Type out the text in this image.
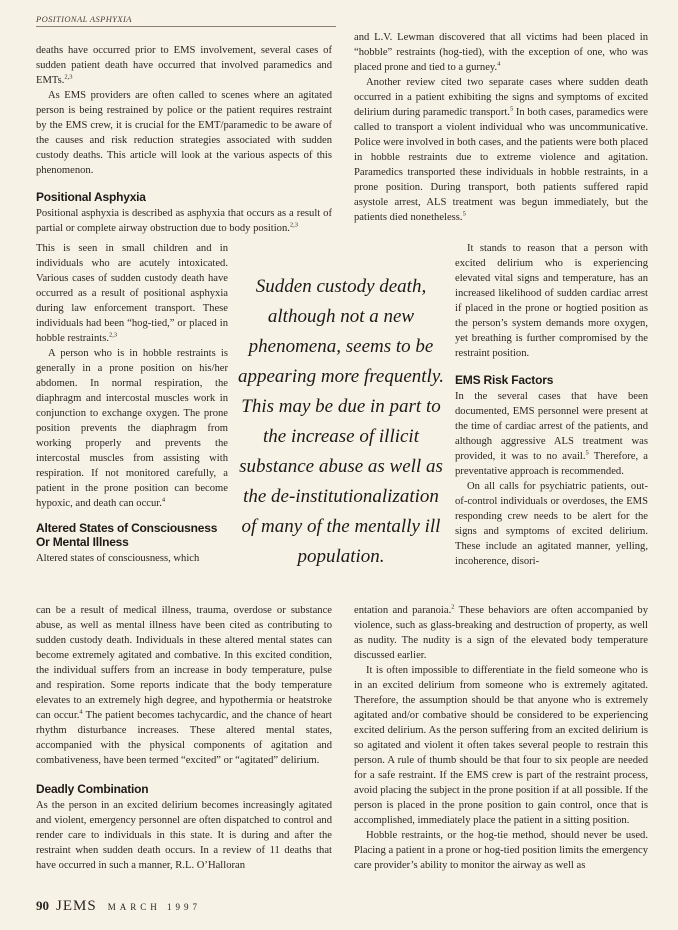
POSITIONAL ASPHYXIA

deaths have occurred prior to EMS involvement, several cases of sudden patient death have occurred that involved paramedics and EMTs.$^{2,3}$

As EMS providers are often called to scenes where an agitated person is being restrained by police or the patient requires restraint by the EMS crew, it is crucial for the EMT/paramedic to be aware of the causes and risk reduction strategies associated with sudden custody deaths. This article will look at the various aspects of this phenomenon.

Positional Asphyxia

Positional asphyxia is described as asphyxia that occurs as a result of partial or complete airway obstruction due to body position.$^{2,3}$

This is seen in small children and in individuals who are acutely intoxicated. Various cases of sudden custody death have occurred as a result of positional asphyxia during law enforcement transport. These individuals had been “hog-tied,” or placed in hobble restraints.$^{2,3}$

A person who is in hobble restraints is generally in a prone position on his/her abdomen. In normal respiration, the diaphragm and intercostal muscles work in conjunction to exchange oxygen. The prone position prevents the diaphragm from working properly and prevents the intercostal muscles from assisting with respiration. If not monitored carefully, a patient in the prone position can become hypoxic, and death can occur.$^4$

Altered States of Consciousness
Or Mental Illness

Altered states of consciousness, which

Sudden custody death, although not a new phenomena, seems to be appearing more frequently. This may be due in part to the increase of illicit substance abuse as well as the de-institutionalization of many of the mentally ill population.

can be a result of medical illness, trauma, overdose or substance abuse, as well as mental illness have been cited as contributing to sudden custody death. Individuals in these altered mental states can become extremely agitated and combative. In this excited condition, the individual suffers from an increase in body temperature, pulse and respiration. Some reports indicate that the body temperature elevates to an extremely high degree, and hypothermia or heatstroke can occur.$^4$ The patient becomes tachycardic, and the chance of heart rhythm disturbance increases. These altered mental states, accompanied with the physical components of agitation and combativeness, have been termed “excited” or “agitated” delirium.

Deadly Combination

As the person in an excited delirium becomes increasingly agitated and violent, emergency personnel are often dispatched to control and render care to individuals in this state. It is during and after the restraint when sudden death occurs. In a review of 11 deaths that have occurred in such a manner, R.L. O’Halloran

and L.V. Lewman discovered that all victims had been placed in “hobble” restraints (hog-tied), with the exception of one, who was placed prone and tied to a gurney.$^4$

Another review cited two separate cases where sudden death occurred in a patient exhibiting the signs and symptoms of excited delirium during paramedic transport.$^5$ In both cases, paramedics were called to transport a violent individual who was uncommunicative. Police were involved in both cases, and the patients were both placed in hobble restraints due to extreme violence and agitation. Paramedics transported these individuals in hobble restraints, in a prone position. During transport, both patients suffered rapid asystole arrest, ALS treatment was begun immediately, but the patients died nonetheless.$^5$

It stands to reason that a person with excited delirium who is experiencing elevated vital signs and temperature, has an increased likelihood of sudden cardiac arrest if placed in the prone or hogtied position as the person’s system demands more oxygen, yet breathing is further compromised by the restraint position.

EMS Risk Factors

In the several cases that have been documented, EMS personnel were present at the time of cardiac arrest of the patients, and although aggressive ALS treatment was provided, it was to no avail.$^5$ Therefore, a preventative approach is recommended.

On all calls for psychiatric patients, out-of-control individuals or overdoses, the EMS responding crew needs to be alert for the signs and symptoms of excited delirium. These include an agitated manner, yelling, incoherence, disori-

entation and paranoia.$^2$ These behaviors are often accompanied by violence, such as glass-breaking and destruction of property, as well as nudity. The nudity is a sign of the elevated body temperature discussed earlier.

It is often impossible to differentiate in the field someone who is in an excited delirium from someone who is extremely agitated. Therefore, the assumption should be that anyone who is extremely agitated and/or combative should be considered to be experiencing excited delirium. As the person suffering from an excited delirium is so agitated and violent it often takes several people to restrain this person. A rule of thumb should be that four to six people are needed for a safe restraint. If the EMS crew is part of the restraint process, avoid placing the subject in the prone position if at all possible. If the person is placed in the prone position to gain control, once that is accomplished, immediately place the patient in a sitting position.

Hobble restraints, or the hog-tie method, should never be used. Placing a patient in a prone or hog-tied position limits the emergency care provider’s ability to monitor the airway as well as

90 JEMS MARCH 1997
